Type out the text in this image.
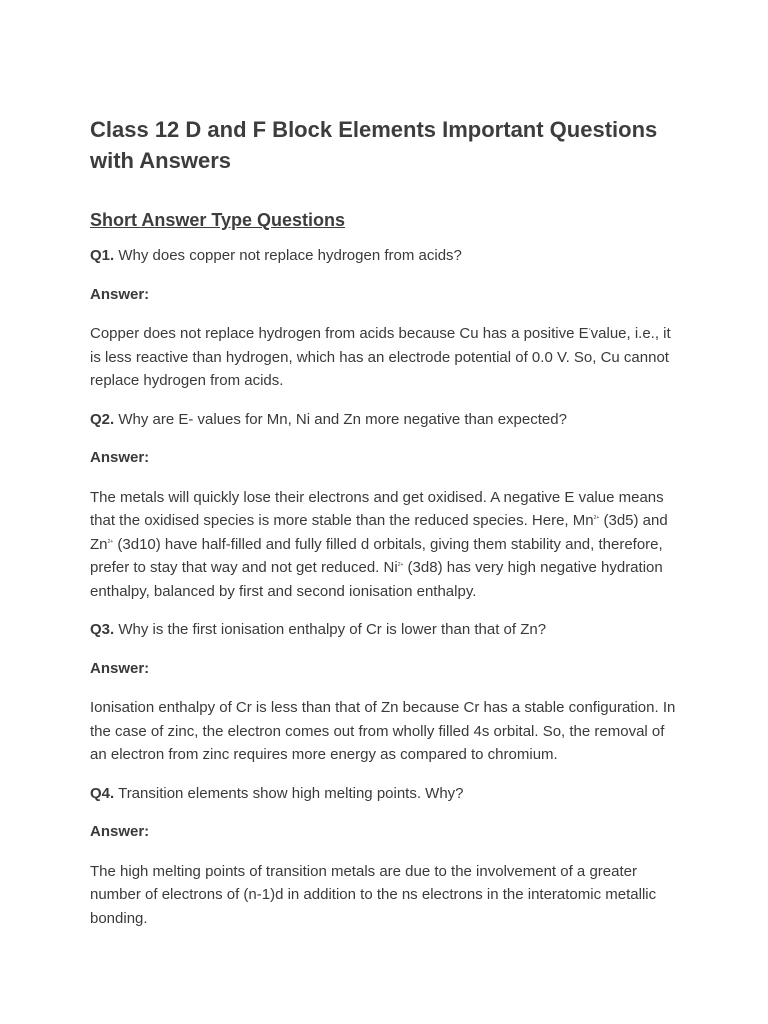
Class 12 D and F Block Elements Important Questions with Answers
Short Answer Type Questions

Q1. Why does copper not replace hydrogen from acids?

Answer:

Copper does not replace hydrogen from acids because Cu has a positive E°value, i.e., it is less reactive than hydrogen, which has an electrode potential of 0.0 V. So, Cu cannot replace hydrogen from acids.

Q2. Why are E- values for Mn, Ni and Zn more negative than expected?

Answer:

The metals will quickly lose their electrons and get oxidised. A negative E value means that the oxidised species is more stable than the reduced species. Here, $Mn^{2+}$ (3d5) and $Zn^{2+}$ (3d10) have half-filled and fully filled d orbitals, giving them stability and, therefore, prefer to stay that way and not get reduced. $Ni^{2+}$ (3d8) has very high negative hydration enthalpy, balanced by first and second ionisation enthalpy.

Q3. Why is the first ionisation enthalpy of Cr is lower than that of Zn?

Answer:

Ionisation enthalpy of Cr is less than that of Zn because Cr has a stable configuration. In the case of zinc, the electron comes out from wholly filled 4s orbital. So, the removal of an electron from zinc requires more energy as compared to chromium.

Q4. Transition elements show high melting points. Why?

Answer:

The high melting points of transition metals are due to the involvement of a greater number of electrons of (n-1)d in addition to the ns electrons in the interatomic metallic bonding.
